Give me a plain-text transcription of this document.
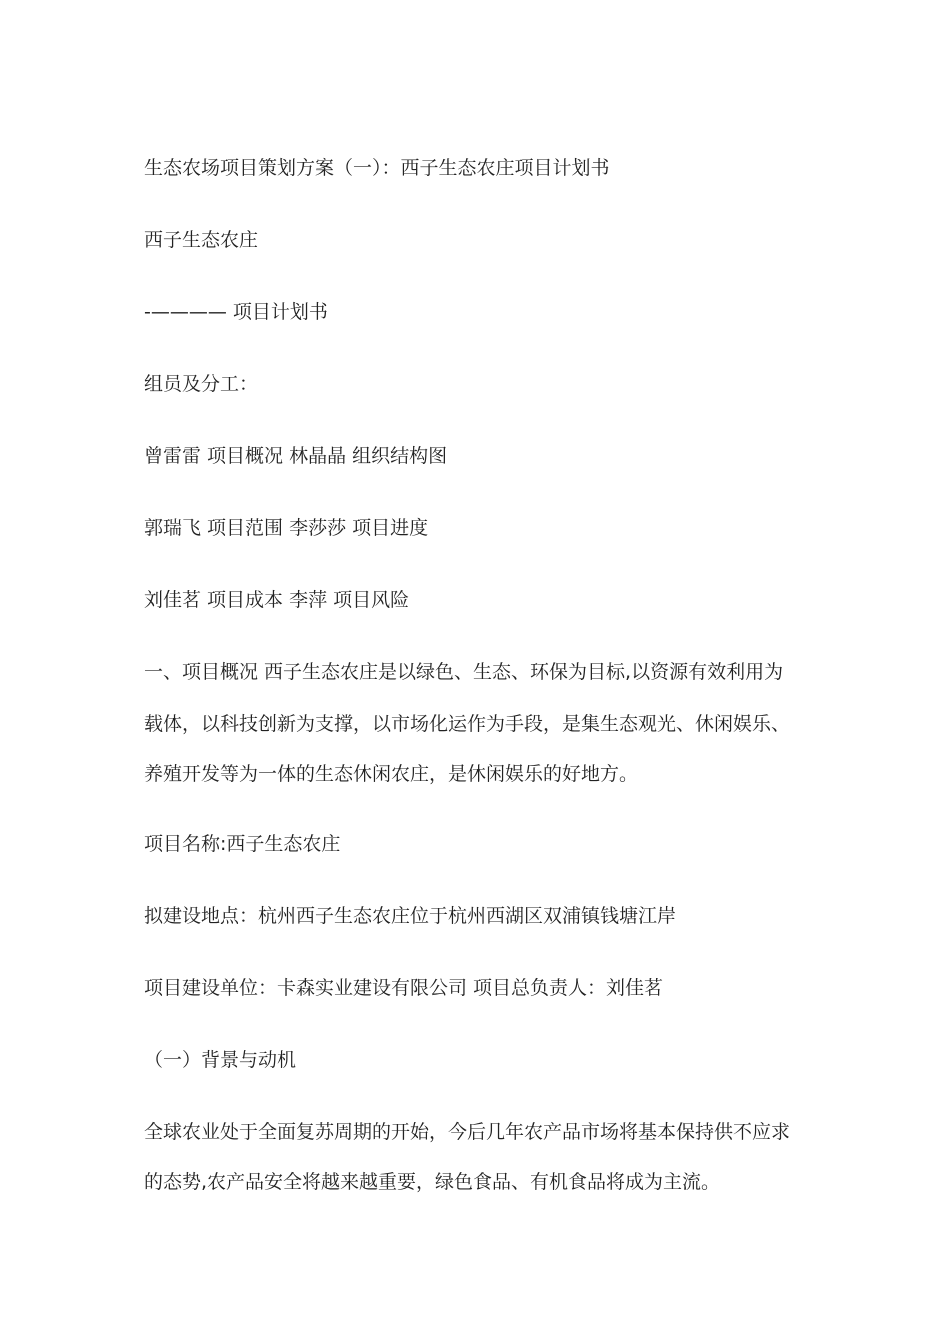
生态农场项目策划方案（一）：西子生态农庄项目计划书
西子生态农庄
-———— 项目计划书
组员及分工：
曾雷雷 项目概况 林晶晶 组织结构图
郭瑞飞 项目范围 李莎莎 项目进度
刘佳茗 项目成本 李萍 项目风险
一、项目概况 西子生态农庄是以绿色、生态、环保为目标,以资源有效利用为
载体，以科技创新为支撑，以市场化运作为手段，是集生态观光、休闲娱乐、
养殖开发等为一体的生态休闲农庄，是休闲娱乐的好地方。
项目名称:西子生态农庄
拟建设地点：杭州西子生态农庄位于杭州西湖区双浦镇钱塘江岸
项目建设单位：卡森实业建设有限公司 项目总负责人：刘佳茗
（一）背景与动机
全球农业处于全面复苏周期的开始，今后几年农产品市场将基本保持供不应求
的态势,农产品安全将越来越重要，绿色食品、有机食品将成为主流。
